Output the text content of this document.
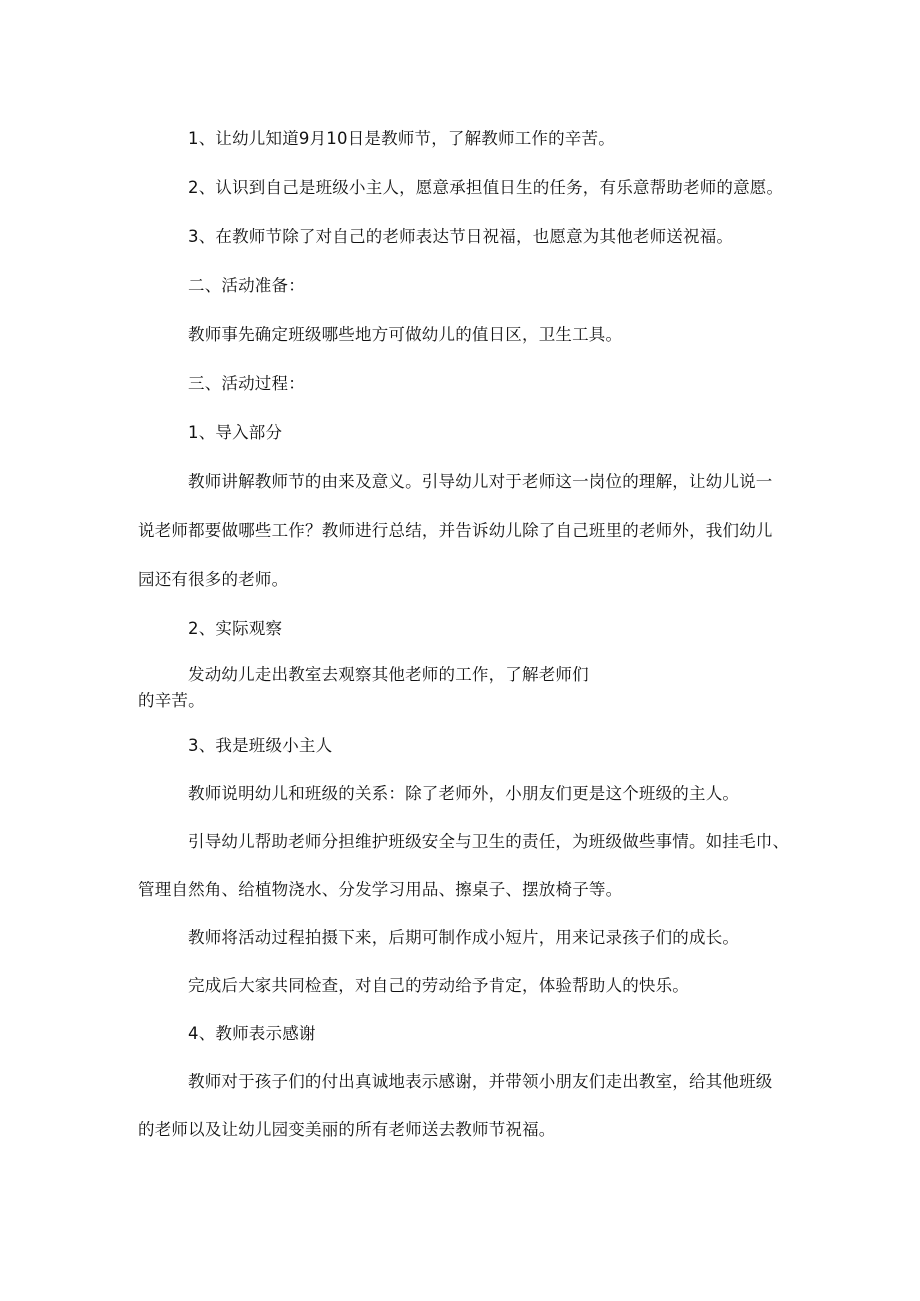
1、让幼儿知道9月10日是教师节，了解教师工作的辛苦。
2、认识到自己是班级小主人，愿意承担值日生的任务，有乐意帮助老师的意愿。
3、在教师节除了对自己的老师表达节日祝福，也愿意为其他老师送祝福。
二、活动准备：
教师事先确定班级哪些地方可做幼儿的值日区，卫生工具。
三、活动过程：
1、导入部分
教师讲解教师节的由来及意义。引导幼儿对于老师这一岗位的理解，让幼儿说一
说老师都要做哪些工作？教师进行总结，并告诉幼儿除了自己班里的老师外，我们幼儿
园还有很多的老师。
2、实际观察
发动幼儿走出教室去观察其他老师的工作，了解老师们
的辛苦。
3、我是班级小主人
教师说明幼儿和班级的关系：除了老师外，小朋友们更是这个班级的主人。
引导幼儿帮助老师分担维护班级安全与卫生的责任，为班级做些事情。如挂毛巾、
管理自然角、给植物浇水、分发学习用品、擦桌子、摆放椅子等。
教师将活动过程拍摄下来，后期可制作成小短片，用来记录孩子们的成长。
完成后大家共同检查，对自己的劳动给予肯定，体验帮助人的快乐。
4、教师表示感谢
教师对于孩子们的付出真诚地表示感谢，并带领小朋友们走出教室，给其他班级
的老师以及让幼儿园变美丽的所有老师送去教师节祝福。
